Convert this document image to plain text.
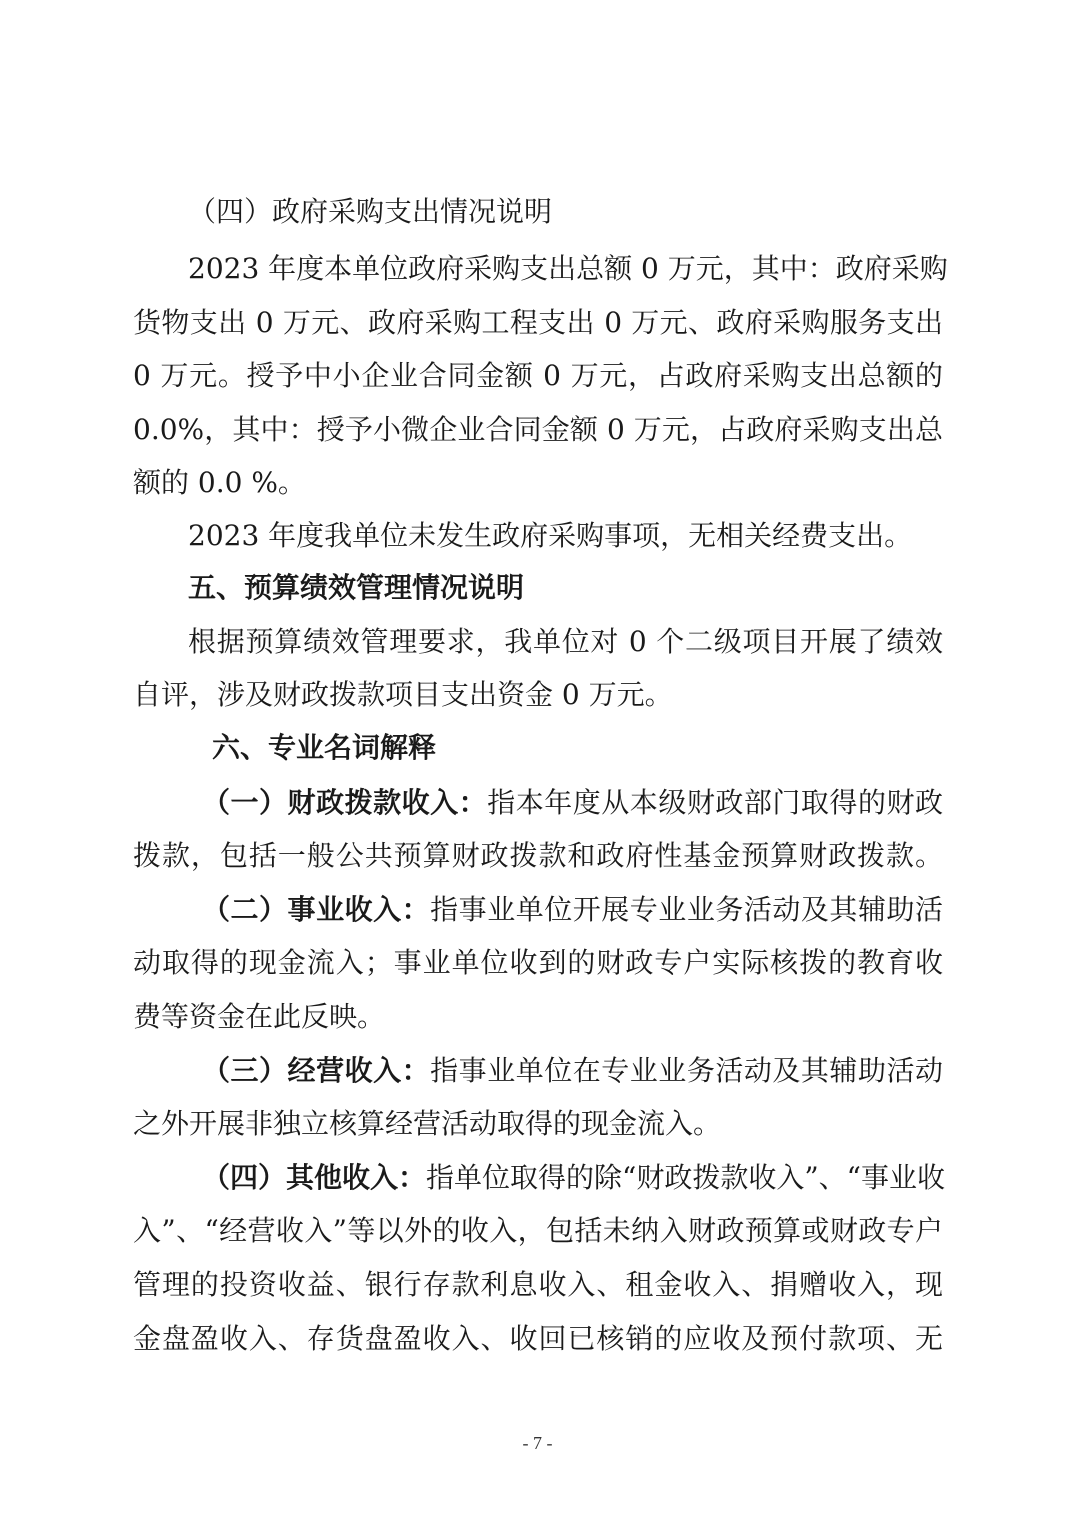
（四）政府采购支出情况说明
2023 年度本单位政府采购支出总额 0 万元，其中：政府采购
货物支出 0 万元、政府采购工程支出 0 万元、政府采购服务支出
0 万元。授予中小企业合同金额 0 万元，占政府采购支出总额的
0.0%，其中：授予小微企业合同金额 0 万元，占政府采购支出总
额的 0.0 %。
2023 年度我单位未发生政府采购事项，无相关经费支出。
五、预算绩效管理情况说明
根据预算绩效管理要求，我单位对 0 个二级项目开展了绩效
自评，涉及财政拨款项目支出资金 0 万元。
六、专业名词解释
（一）财政拨款收入：指本年度从本级财政部门取得的财政
拨款，包括一般公共预算财政拨款和政府性基金预算财政拨款。
（二）事业收入：指事业单位开展专业业务活动及其辅助活
动取得的现金流入；事业单位收到的财政专户实际核拨的教育收
费等资金在此反映。
（三）经营收入：指事业单位在专业业务活动及其辅助活动
之外开展非独立核算经营活动取得的现金流入。
（四）其他收入：指单位取得的除“财政拨款收入”、“事业收
入”、“经营收入”等以外的收入，包括未纳入财政预算或财政专户
管理的投资收益、银行存款利息收入、租金收入、捐赠收入，现
金盘盈收入、存货盘盈收入、收回已核销的应收及预付款项、无
- 7 -
